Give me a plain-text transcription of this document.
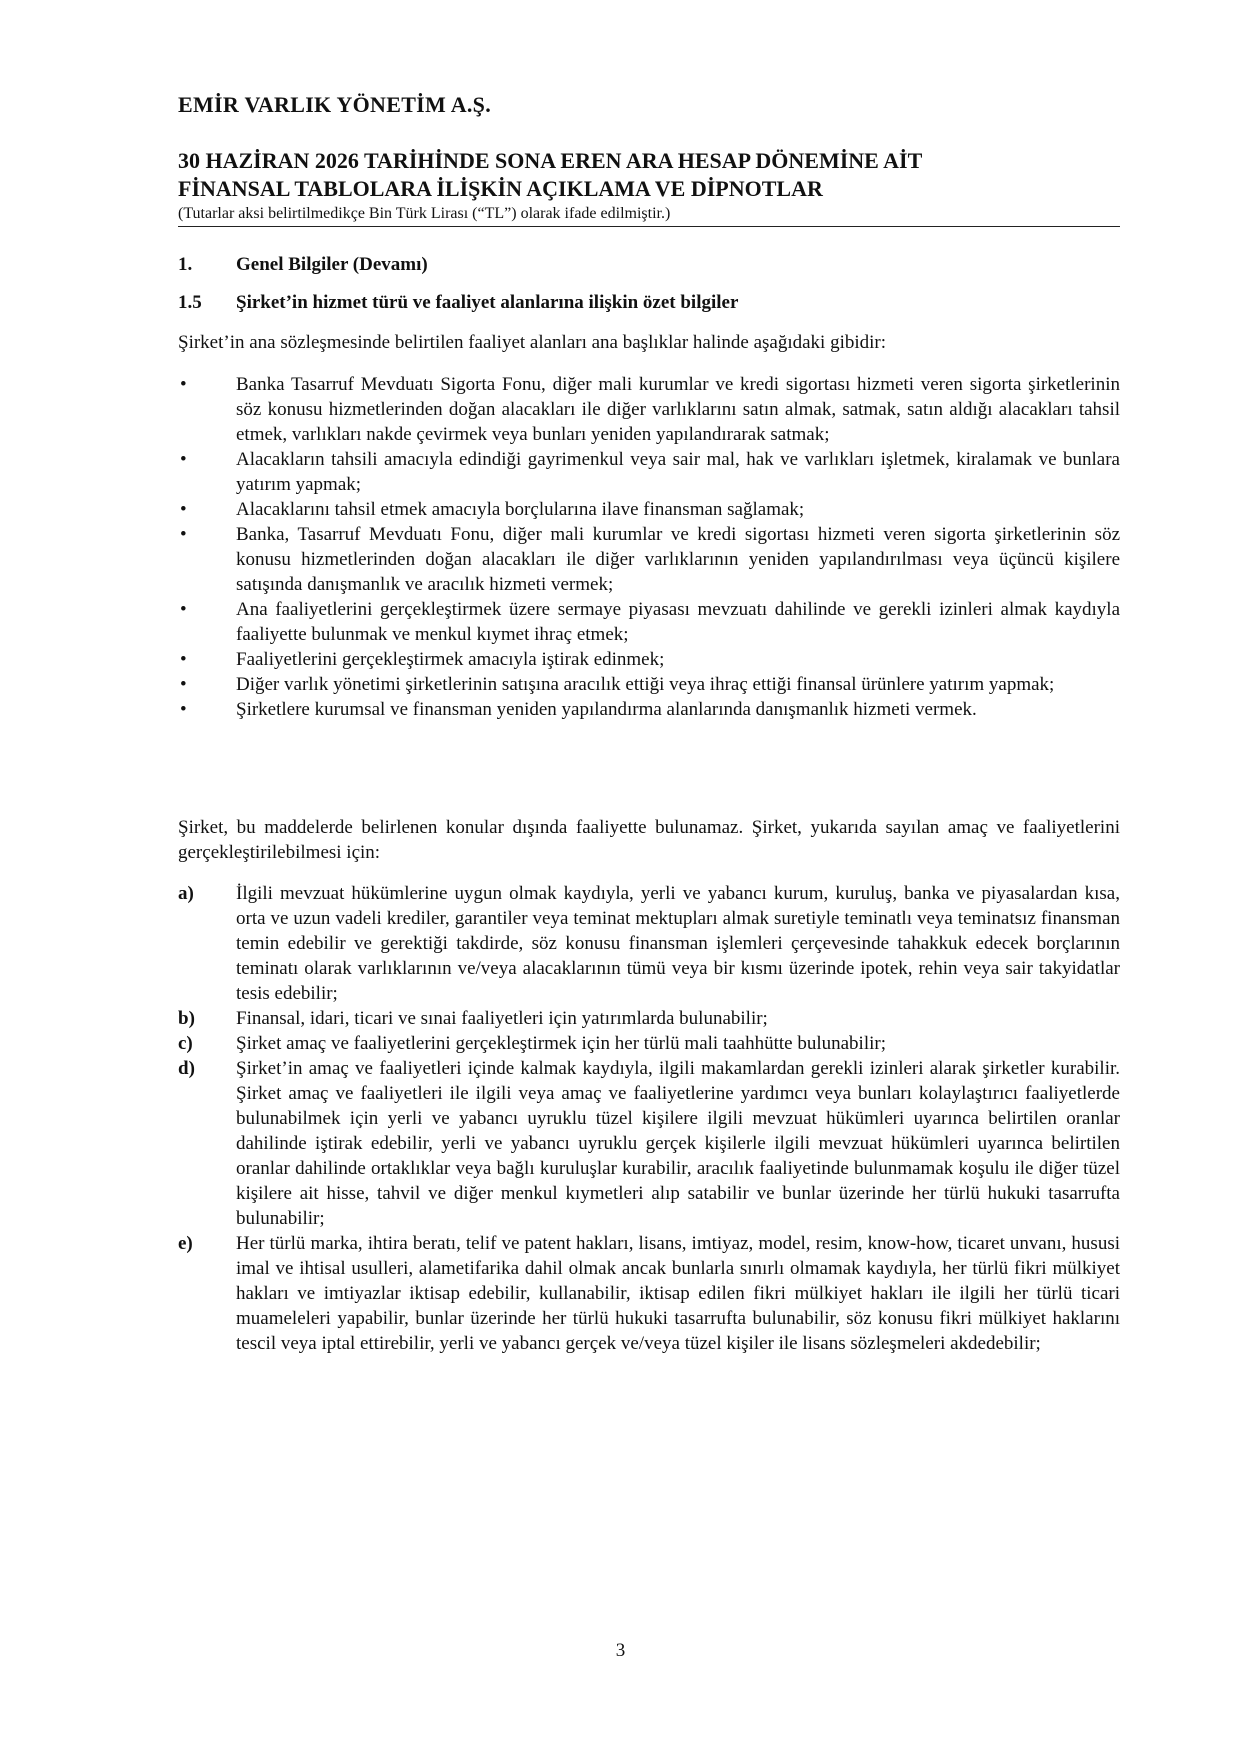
EMİR VARLIK YÖNETİM A.Ş.
30 HAZİRAN 2026 TARİHİNDE SONA EREN ARA HESAP DÖNEMİNE AİT
FİNANSAL TABLOLARA İLİŞKİN AÇIKLAMA VE DİPNOTLAR
(Tutarlar aksi belirtilmedikçe Bin Türk Lirası (“TL”) olarak ifade edilmiştir.)
1. Genel Bilgiler (Devamı)
1.5 Şirket’in hizmet türü ve faaliyet alanlarına ilişkin özet bilgiler
Şirket’in ana sözleşmesinde belirtilen faaliyet alanları ana başlıklar halinde aşağıdaki gibidir:
• Banka Tasarruf Mevduatı Sigorta Fonu, diğer mali kurumlar ve kredi sigortası hizmeti veren sigorta şirketlerinin söz konusu hizmetlerinden doğan alacakları ile diğer varlıklarını satın almak, satmak, satın aldığı alacakları tahsil etmek, varlıkları nakde çevirmek veya bunları yeniden yapılandırarak satmak;
• Alacakların tahsili amacıyla edindiği gayrimenkul veya sair mal, hak ve varlıkları işletmek, kiralamak ve bunlara yatırım yapmak;
• Alacaklarını tahsil etmek amacıyla borçlularına ilave finansman sağlamak;
• Banka, Tasarruf Mevduatı Fonu, diğer mali kurumlar ve kredi sigortası hizmeti veren sigorta şirketlerinin söz konusu hizmetlerinden doğan alacakları ile diğer varlıklarının yeniden yapılandırılması veya üçüncü kişilere satışında danışmanlık ve aracılık hizmeti vermek;
• Ana faaliyetlerini gerçekleştirmek üzere sermaye piyasası mevzuatı dahilinde ve gerekli izinleri almak kaydıyla faaliyette bulunmak ve menkul kıymet ihraç etmek;
• Faaliyetlerini gerçekleştirmek amacıyla iştirak edinmek;
• Diğer varlık yönetimi şirketlerinin satışına aracılık ettiği veya ihraç ettiği finansal ürünlere yatırım yapmak;
• Şirketlere kurumsal ve finansman yeniden yapılandırma alanlarında danışmanlık hizmeti vermek.
Şirket, bu maddelerde belirlenen konular dışında faaliyette bulunamaz. Şirket, yukarıda sayılan amaç ve faaliyetlerini gerçekleştirilebilmesi için:
a) İlgili mevzuat hükümlerine uygun olmak kaydıyla, yerli ve yabancı kurum, kuruluş, banka ve piyasalardan kısa, orta ve uzun vadeli krediler, garantiler veya teminat mektupları almak suretiyle teminatlı veya teminatsız finansman temin edebilir ve gerektiği takdirde, söz konusu finansman işlemleri çerçevesinde tahakkuk edecek borçlarının teminatı olarak varlıklarının ve/veya alacaklarının tümü veya bir kısmı üzerinde ipotek, rehin veya sair takyidatlar tesis edebilir;
b) Finansal, idari, ticari ve sınai faaliyetleri için yatırımlarda bulunabilir;
c) Şirket amaç ve faaliyetlerini gerçekleştirmek için her türlü mali taahhütte bulunabilir;
d) Şirket’in amaç ve faaliyetleri içinde kalmak kaydıyla, ilgili makamlardan gerekli izinleri alarak şirketler kurabilir. Şirket amaç ve faaliyetleri ile ilgili veya amaç ve faaliyetlerine yardımcı veya bunları kolaylaştırıcı faaliyetlerde bulunabilmek için yerli ve yabancı uyruklu tüzel kişilere ilgili mevzuat hükümleri uyarınca belirtilen oranlar dahilinde iştirak edebilir, yerli ve yabancı uyruklu gerçek kişilerle ilgili mevzuat hükümleri uyarınca belirtilen oranlar dahilinde ortaklıklar veya bağlı kuruluşlar kurabilir, aracılık faaliyetinde bulunmamak koşulu ile diğer tüzel kişilere ait hisse, tahvil ve diğer menkul kıymetleri alıp satabilir ve bunlar üzerinde her türlü hukuki tasarrufta bulunabilir;
e) Her türlü marka, ihtira beratı, telif ve patent hakları, lisans, imtiyaz, model, resim, know-how, ticaret unvanı, hususi imal ve ihtisal usulleri, alametifarika dahil olmak ancak bunlarla sınırlı olmamak kaydıyla, her türlü fikri mülkiyet hakları ve imtiyazlar iktisap edebilir, kullanabilir, iktisap edilen fikri mülkiyet hakları ile ilgili her türlü ticari muameleleri yapabilir, bunlar üzerinde her türlü hukuki tasarrufta bulunabilir, söz konusu fikri mülkiyet haklarını tescil veya iptal ettirebilir, yerli ve yabancı gerçek ve/veya tüzel kişiler ile lisans sözleşmeleri akdedebilir;
3
